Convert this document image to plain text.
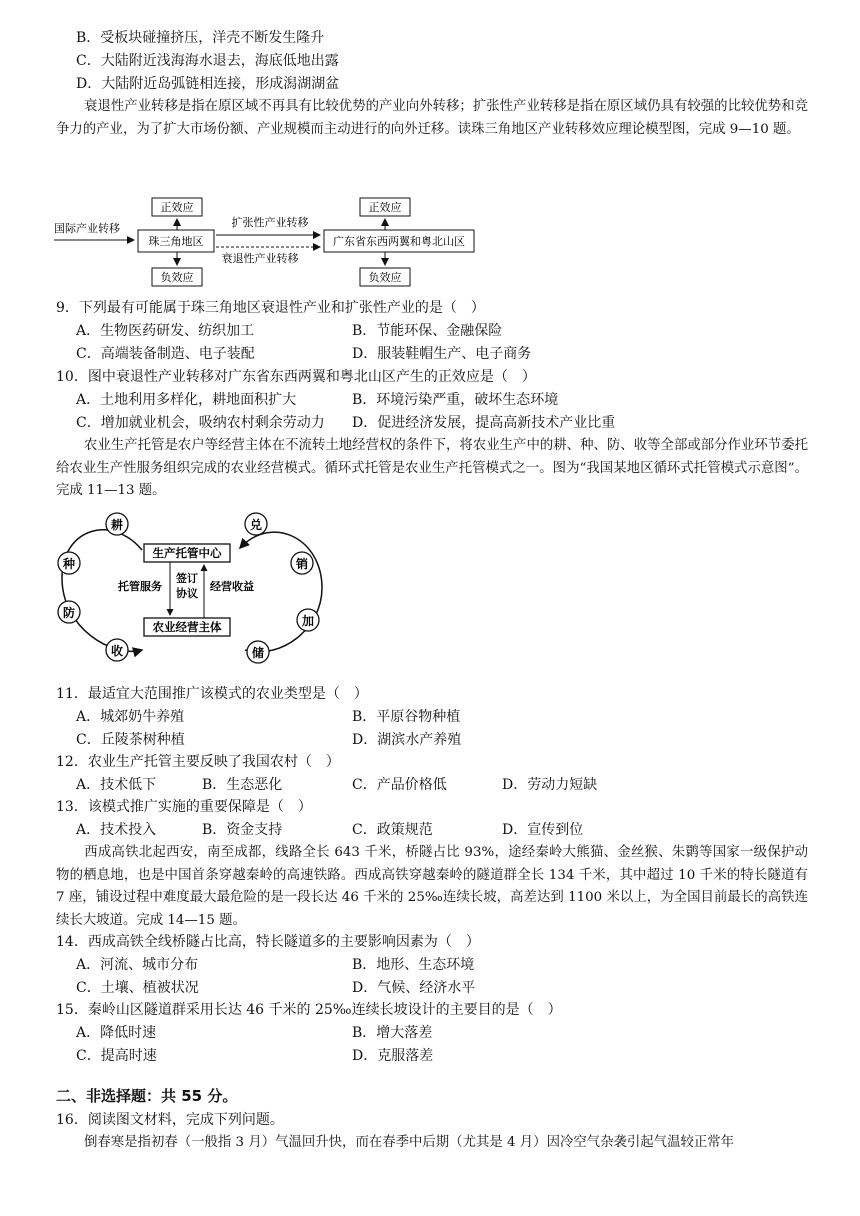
B．受板块碰撞挤压，洋壳不断发生隆升
C．大陆附近浅海海水退去，海底低地出露
D．大陆附近岛弧链相连接，形成潟湖湖盆
衰退性产业转移是指在原区域不再具有比较优势的产业向外转移；扩张性产业转移是指在原区域仍具有较强的比较优势和竞争力的产业，为了扩大市场份额、产业规模而主动进行的向外迁移。读珠三角地区产业转移效应理论模型图，完成 9—10 题。
国际产业转移
珠三角地区
正效应
负效应
扩张性产业转移
衰退性产业转移
广东省东西两翼和粤北山区
正效应
负效应
9．下列最有可能属于珠三角地区衰退性产业和扩张性产业的是（　）
A．生物医药研发、纺织加工	B．节能环保、金融保险
C．高端装备制造、电子装配	D．服装鞋帽生产、电子商务
10．图中衰退性产业转移对广东省东西两翼和粤北山区产生的正效应是（　）
A．土地利用多样化，耕地面积扩大	B．环境污染严重，破坏生态环境
C．增加就业机会，吸纳农村剩余劳动力 D．促进经济发展，提高高新技术产业比重
农业生产托管是农户等经营主体在不流转土地经营权的条件下，将农业生产中的耕、种、防、收等全部或部分作业环节委托给农业生产性服务组织完成的农业经营模式。循环式托管是农业生产托管模式之一。图为“我国某地区循环式托管模式示意图”。完成 11—13 题。
耕
种
防
收
兑
销
加
储
生产托管中心
农业经营主体
托管服务
签订
协议
经营收益
11．最适宜大范围推广该模式的农业类型是（　）
A．城郊奶牛养殖	B．平原谷物种植
C．丘陵茶树种植	D．湖滨水产养殖
12．农业生产托管主要反映了我国农村（　）
A．技术低下	B．生态恶化	C．产品价格低	D．劳动力短缺
13．该模式推广实施的重要保障是（　）
A．技术投入	B．资金支持	C．政策规范	D．宣传到位
西成高铁北起西安，南至成都，线路全长 643 千米，桥隧占比 93%，途经秦岭大熊猫、金丝猴、朱鹮等国家一级保护动物的栖息地，也是中国首条穿越秦岭的高速铁路。西成高铁穿越秦岭的隧道群全长 134 千米，其中超过 10 千米的特长隧道有 7 座，铺设过程中难度最大最危险的是一段长达 46 千米的 25‰连续长坡，高差达到 1100 米以上，为全国目前最长的高铁连续长大坡道。完成 14—15 题。
14．西成高铁全线桥隧占比高，特长隧道多的主要影响因素为（　）
A．河流、城市分布	B．地形、生态环境
C．土壤、植被状况	D．气候、经济水平
15．秦岭山区隧道群采用长达 46 千米的 25‰连续长坡设计的主要目的是（　）
A．降低时速	B．增大落差
C．提高时速	D．克服落差
二、非选择题：共 55 分。
16．阅读图文材料，完成下列问题。
倒春寒是指初春（一般指 3 月）气温回升快，而在春季中后期（尤其是 4 月）因冷空气杂袭引起气温较正常年
